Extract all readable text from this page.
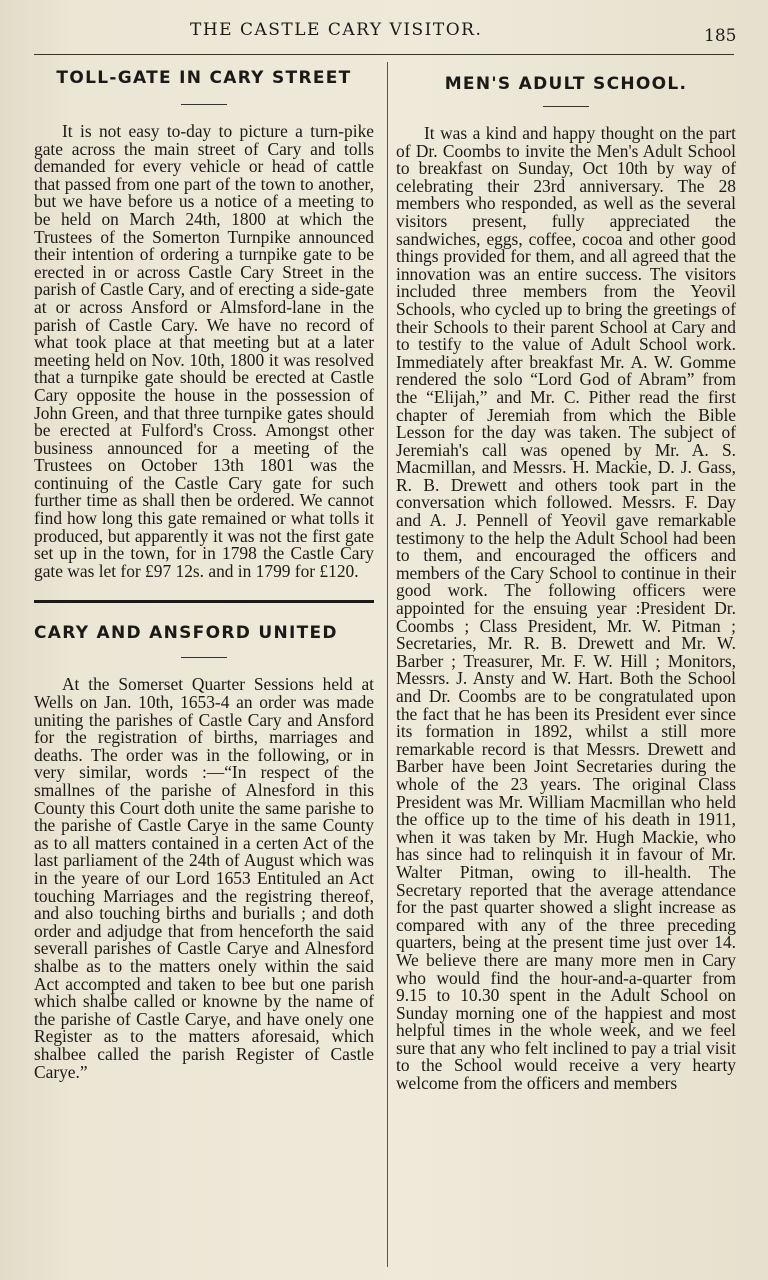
THE CASTLE CARY VISITOR.	185
TOLL-GATE IN CARY STREET

It is not easy to-day to picture a turn-pike gate across the main street of Cary and tolls demanded for every vehicle or head of cattle that passed from one part of the town to another, but we have before us a notice of a meeting to be held on March 24th, 1800 at which the Trustees of the Somerton Turnpike announced their intention of ordering a turnpike gate to be erected in or across Castle Cary Street in the parish of Castle Cary, and of erecting a side-gate at or across Ansford or Almsford-lane in the parish of Castle Cary. We have no record of what took place at that meeting but at a later meeting held on Nov. 10th, 1800 it was resolved that a turnpike gate should be erected at Castle Cary opposite the house in the possession of John Green, and that three turnpike gates should be erected at Fulford's Cross. Amongst other business announced for a meeting of the Trustees on October 13th 1801 was the continuing of the Castle Cary gate for such further time as shall then be ordered. We cannot find how long this gate remained or what tolls it produced, but apparently it was not the first gate set up in the town, for in 1798 the Castle Cary gate was let for £97 12s. and in 1799 for £120.

CARY AND ANSFORD UNITED

At the Somerset Quarter Sessions held at Wells on Jan. 10th, 1653-4 an order was made uniting the parishes of Castle Cary and Ansford for the registration of births, marriages and deaths. The order was in the following, or in very similar, words :—“In respect of the smallnes of the parishe of Alnesford in this County this Court doth unite the same parishe to the parishe of Castle Carye in the same County as to all matters contained in a certen Act of the last parliament of the 24th of August which was in the yeare of our Lord 1653 Entituled an Act touching Marriages and the registring thereof, and also touching births and burialls ; and doth order and adjudge that from henceforth the said severall parishes of Castle Carye and Alnesford shalbe as to the matters onely within the said Act accompted and taken to bee but one parish which shalbe called or knowne by the name of the parishe of Castle Carye, and have onely one Register as to the matters aforesaid, which shalbee called the parish Register of Castle Carye.”

MEN'S ADULT SCHOOL.

It was a kind and happy thought on the part of Dr. Coombs to invite the Men's Adult School to breakfast on Sunday, Oct 10th by way of celebrating their 23rd anniversary. The 28 members who responded, as well as the several visitors present, fully appreciated the sandwiches, eggs, coffee, cocoa and other good things provided for them, and all agreed that the innovation was an entire success. The visitors included three members from the Yeovil Schools, who cycled up to bring the greetings of their Schools to their parent School at Cary and to testify to the value of Adult School work. Immediately after breakfast Mr. A. W. Gomme rendered the solo “Lord God of Abram” from the “Elijah,” and Mr. C. Pither read the first chapter of Jeremiah from which the Bible Lesson for the day was taken. The subject of Jeremiah's call was opened by Mr. A. S. Macmillan, and Messrs. H. Mackie, D. J. Gass, R. B. Drewett and others took part in the conversation which followed. Messrs. F. Day and A. J. Pennell of Yeovil gave remarkable testimony to the help the Adult School had been to them, and encouraged the officers and members of the Cary School to continue in their good work. The following officers were appointed for the ensuing year :President Dr. Coombs ; Class President, Mr. W. Pitman ; Secretaries, Mr. R. B. Drewett and Mr. W. Barber ; Treasurer, Mr. F. W. Hill ; Monitors, Messrs. J. Ansty and W. Hart. Both the School and Dr. Coombs are to be congratulated upon the fact that he has been its President ever since its formation in 1892, whilst a still more remarkable record is that Messrs. Drewett and Barber have been Joint Secretaries during the whole of the 23 years. The original Class President was Mr. William Macmillan who held the office up to the time of his death in 1911, when it was taken by Mr. Hugh Mackie, who has since had to relinquish it in favour of Mr. Walter Pitman, owing to ill-health. The Secretary reported that the average attendance for the past quarter showed a slight increase as compared with any of the three preceding quarters, being at the present time just over 14. We believe there are many more men in Cary who would find the hour-and-a-quarter from 9.15 to 10.30 spent in the Adult School on Sunday morning one of the happiest and most helpful times in the whole week, and we feel sure that any who felt inclined to pay a trial visit to the School would receive a very hearty welcome from the officers and members
